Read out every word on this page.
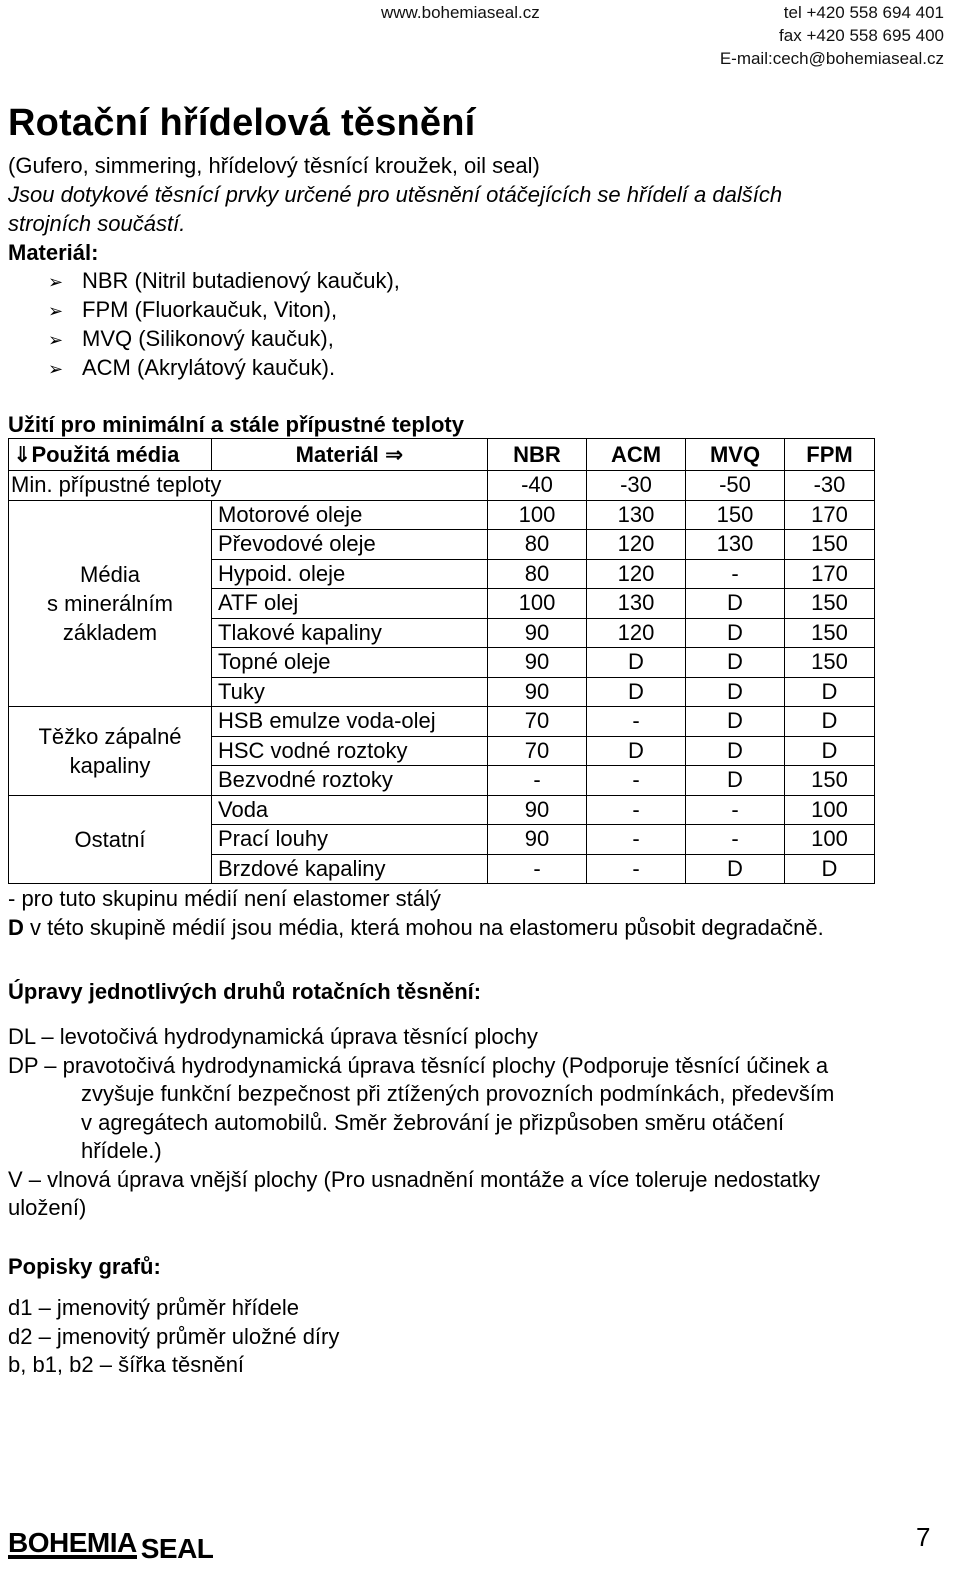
www.bohemiaseal.cz	tel +420 558 694 401
fax +420 558 695 400
E-mail:cech@bohemiaseal.cz
Rotační hřídelová těsnění
(Gufero, simmering, hřídelový těsnící kroužek, oil seal)
Jsou dotykové těsnící prvky určené pro utěsnění otáčejících se hřídelí a dalších
strojních součástí.
Materiál:
➢ NBR (Nitril butadienový kaučuk),
➢ FPM (Fluorkaučuk, Viton),
➢ MVQ (Silikonový kaučuk),
➢ ACM (Akrylátový kaučuk).
Užití pro minimální a stále přípustné teploty
⇓Použitá média	Materiál ⇒	NBR	ACM	MVQ	FPM
Min. přípustné teploty		-40	-30	-50	-30

Média
s minerálním
základem	Motorové oleje	100	130	150	170
	Převodové oleje	80	120	130	150
	Hypoid. oleje	80	120	-	170
	ATF olej	100	130	D	150
	Tlakové kapaliny	90	120	D	150
	Topné oleje	90	D	D	150
	Tuky	90	D	D	D

Těžko zápalné
kapaliny	HSB emulze voda-olej	70	-	D	D
	HSC vodné roztoky	70	D	D	D
	Bezvodné roztoky	-	-	D	150

Ostatní	Voda	90	-	-	100
	Prací louhy	90	-	-	100
	Brzdové kapaliny	-	-	D	D
- pro tuto skupinu médií není elastomer stálý
D v této skupině médií jsou média, která mohou na elastomeru působit degradačně.
Úpravy jednotlivých druhů rotačních těsnění:
DL – levotočivá hydrodynamická úprava těsnící plochy
DP – pravotočivá hydrodynamická úprava těsnící plochy (Podporuje těsnící účinek a
zvyšuje funkční bezpečnost při ztížených provozních podmínkách, především
v agregátech automobilů. Směr žebrování je přizpůsoben směru otáčení
hřídele.)
V – vlnová úprava vnější plochy (Pro usnadnění montáže a více toleruje nedostatky
uložení)
Popisky grafů:
d1 – jmenovitý průměr hřídele
d2 – jmenovitý průměr uložné díry
b, b1, b2 – šířka těsnění
BOHEMIA SEAL	7
